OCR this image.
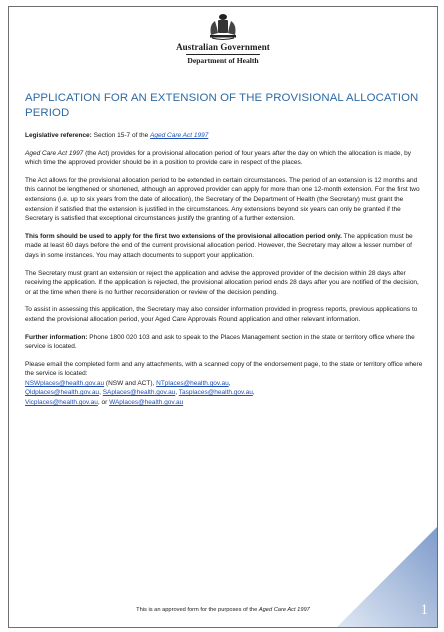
Australian Government
Department of Health
APPLICATION FOR AN EXTENSION OF THE PROVISIONAL ALLOCATION PERIOD

Legislative reference: Section 15-7 of the Aged Care Act 1997

Aged Care Act 1997 (the Act) provides for a provisional allocation period of four years after the day on which the allocation is made, by which time the approved provider should be in a position to provide care in respect of the places.

The Act allows for the provisional allocation period to be extended in certain circumstances. The period of an extension is 12 months and this cannot be lengthened or shortened, although an approved provider can apply for more than one 12-month extension. For the first two extensions (i.e. up to six years from the date of allocation), the Secretary of the Department of Health (the Secretary) must grant the extension if satisfied that the extension is justified in the circumstances. Any extensions beyond six years can only be granted if the Secretary is satisfied that exceptional circumstances justify the granting of a further extension.

This form should be used to apply for the first two extensions of the provisional allocation period only. The application must be made at least 60 days before the end of the current provisional allocation period. However, the Secretary may allow a lesser number of days in some instances. You may attach documents to support your application.

The Secretary must grant an extension or reject the application and advise the approved provider of the decision within 28 days after receiving the application. If the application is rejected, the provisional allocation period ends 28 days after you are notified of the decision, or at the time when there is no further reconsideration or review of the decision pending.

To assist in assessing this application, the Secretary may also consider information provided in progress reports, previous applications to extend the provisional allocation period, your Aged Care Approvals Round application and other relevant information.

Further information: Phone 1800 020 103 and ask to speak to the Places Management section in the state or territory office where the service is located.

Please email the completed form and any attachments, with a scanned copy of the endorsement page, to the state or territory office where the service is located:
NSWplaces@health.gov.au (NSW and ACT), NTplaces@health.gov.au,
Qldplaces@health.gov.au, SAplaces@health.gov.au, Tasplaces@health.gov.au,
Vicplaces@health.gov.au, or WAplaces@health.gov.au

This is an approved form for the purposes of the Aged Care Act 1997	1
